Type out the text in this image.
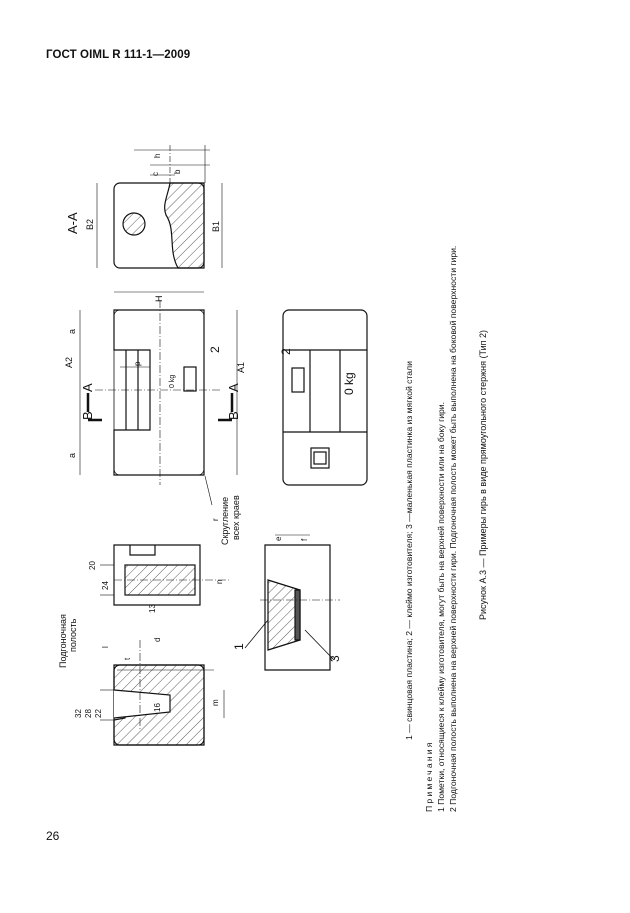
ГОСТ OIML R 111-1—2009
A-A B2	B1
h
c b
A2	A1
H
a
a
A
B
A
B
p
0 kg
2
r Скругление всех краев
2
0 kg
32 28 22
16
m
d
l
t
Подгоночная полость
24
20
13
n
1
3
e f	1 — свинцовая пластина; 2 — клеймо изготовителя; 3 —маленькая пластинка из мягкой стали
Примечания 1 Пометки, относящиеся к клейму изготовителя, могут быть на верхней поверхности или на боку гири. 2 Подгоночная полость выполнена на верхней поверхности гири. Подгоночная полость может быть выполнена на боковой поверхности гири. Рисунок A.3 — Примеры гирь в виде прямоугольного стержня (Тип 2)
26
